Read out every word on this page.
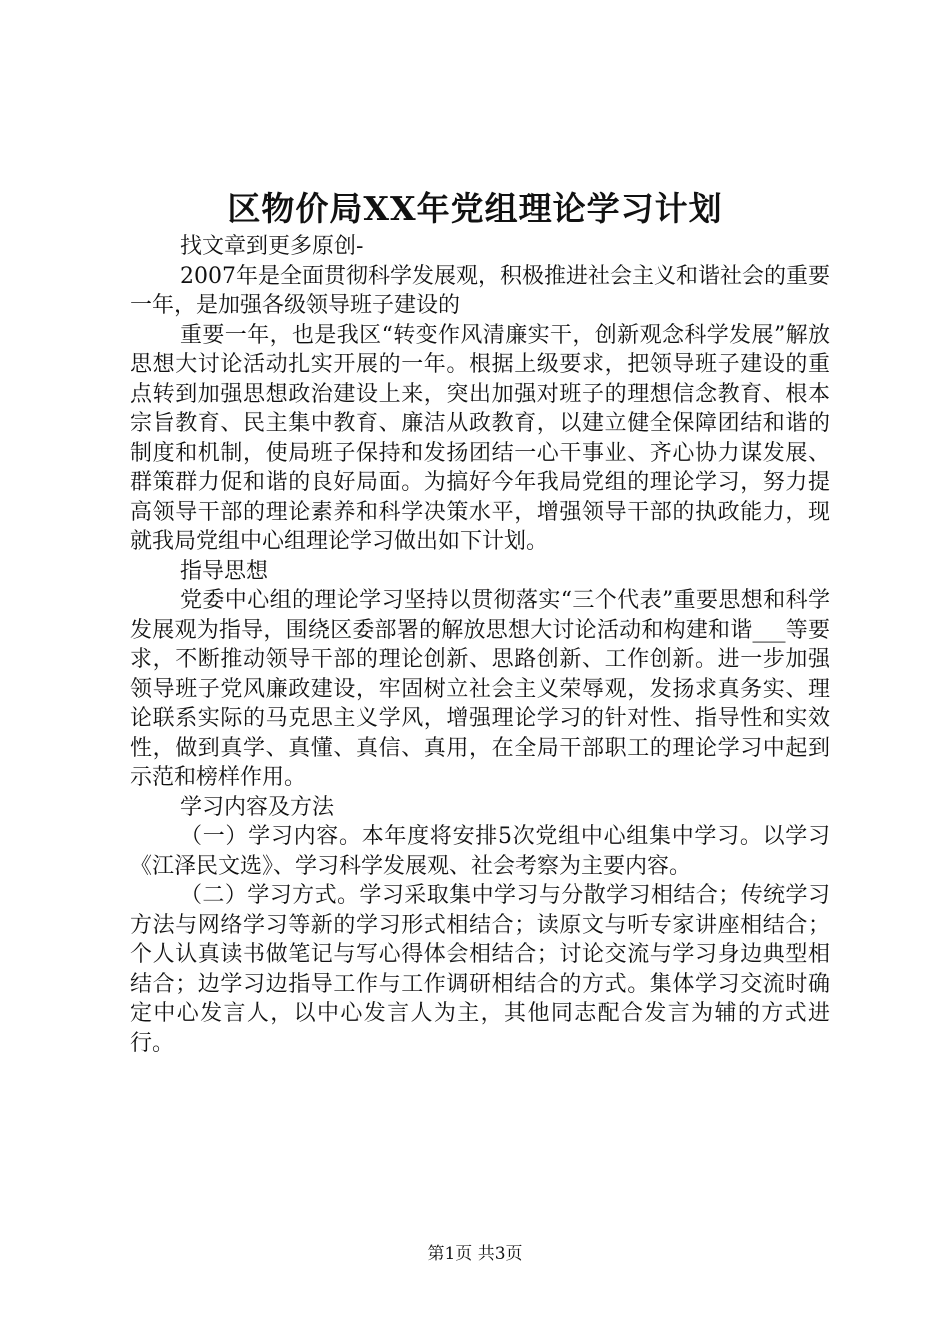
区物价局XX年党组理论学习计划

找文章到更多原创-

2007年是全面贯彻科学发展观，积极推进社会主义和谐社会的重要一年，是加强各级领导班子建设的

重要一年，也是我区“转变作风清廉实干，创新观念科学发展”解放思想大讨论活动扎实开展的一年。根据上级要求，把领导班子建设的重点转到加强思想政治建设上来，突出加强对班子的理想信念教育、根本宗旨教育、民主集中教育、廉洁从政教育，以建立健全保障团结和谐的制度和机制，使局班子保持和发扬团结一心干事业、齐心协力谋发展、群策群力促和谐的良好局面。为搞好今年我局党组的理论学习，努力提高领导干部的理论素养和科学决策水平，增强领导干部的执政能力，现就我局党组中心组理论学习做出如下计划。

指导思想

党委中心组的理论学习坚持以贯彻落实“三个代表”重要思想和科学发展观为指导，围绕区委部署的解放思想大讨论活动和构建和谐___等要求，不断推动领导干部的理论创新、思路创新、工作创新。进一步加强领导班子党风廉政建设，牢固树立社会主义荣辱观，发扬求真务实、理论联系实际的马克思主义学风，增强理论学习的针对性、指导性和实效性，做到真学、真懂、真信、真用，在全局干部职工的理论学习中起到示范和榜样作用。

学习内容及方法

（一）学习内容。本年度将安排5次党组中心组集中学习。以学习《江泽民文选》、学习科学发展观、社会考察为主要内容。

（二）学习方式。学习采取集中学习与分散学习相结合；传统学习方法与网络学习等新的学习形式相结合；读原文与听专家讲座相结合；个人认真读书做笔记与写心得体会相结合；讨论交流与学习身边典型相结合；边学习边指导工作与工作调研相结合的方式。集体学习交流时确定中心发言人，以中心发言人为主，其他同志配合发言为辅的方式进行。

第1页 共3页
